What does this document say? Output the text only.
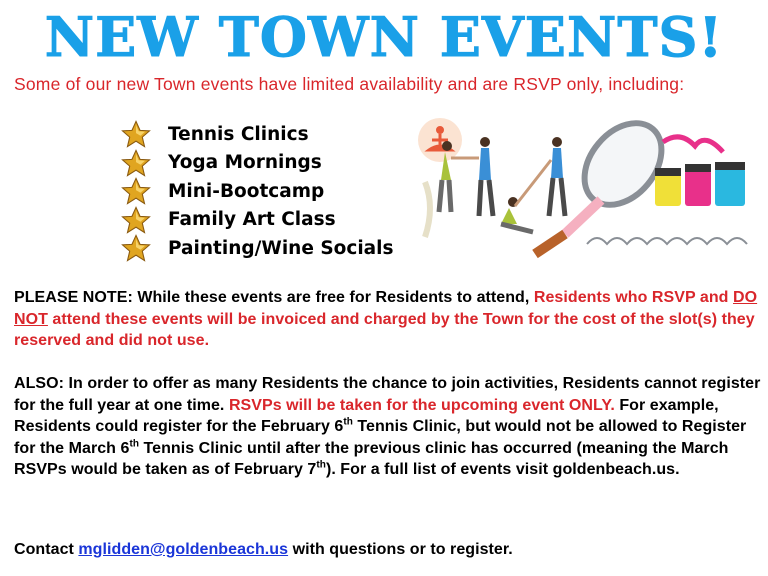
NEW TOWN EVENTS!
Some of our new Town events have limited availability and are RSVP only, including:
Tennis Clinics
Yoga Mornings
Mini-Bootcamp
Family Art Class
Painting/Wine Socials
PLEASE NOTE: While these events are free for Residents to attend, Residents who RSVP and DO NOT attend these events will be invoiced and charged by the Town for the cost of the slot(s) they reserved and did not use.
ALSO: In order to offer as many Residents the chance to join activities, Residents cannot register for the full year at one time. RSVPs will be taken for the upcoming event ONLY. For example, Residents could register for the February 6th Tennis Clinic, but would not be allowed to Register for the March 6th Tennis Clinic until after the previous clinic has occurred (meaning the March RSVPs would be taken as of February 7th). For a full list of events visit goldenbeach.us.
Contact mglidden@goldenbeach.us with questions or to register.
